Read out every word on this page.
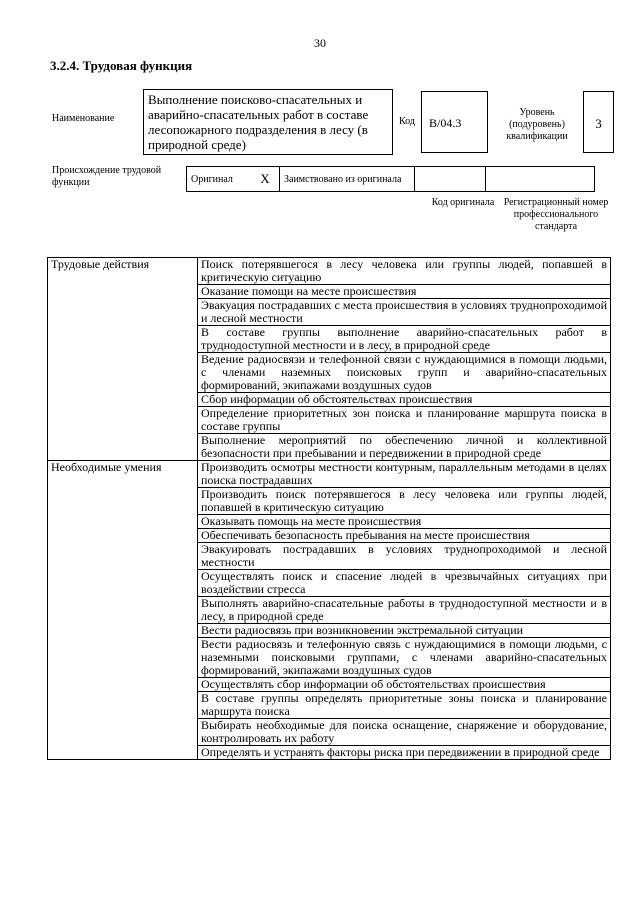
30
3.2.4. Трудовая функция
Наименование
Выполнение поисково-спасательных и аварийно-спасательных работ в составе лесопожарного подразделения в лесу (в природной среде)
Код	B/04.3
Уровень (подуровень) квалификации
3
Происхождение трудовой функции	Оригинал	X	Заимствовано из оригинала		
Код оригинала Регистрационный номер профессионального стандарта
Трудовые действия	Поиск потерявшегося в лесу человека или группы людей, попавшей в критическую ситуацию
	Оказание помощи на месте происшествия
	Эвакуация пострадавших с места происшествия в условиях труднопроходимой и лесной местности
	В составе группы выполнение аварийно-спасательных работ в труднодоступной местности и в лесу, в природной среде
	Ведение радиосвязи и телефонной связи с нуждающимися в помощи людьми, с членами наземных поисковых групп и аварийно-спасательных формирований, экипажами воздушных судов
	Сбор информации об обстоятельствах происшествия
	Определение приоритетных зон поиска и планирование маршрута поиска в составе группы
	Выполнение мероприятий по обеспечению личной и коллективной безопасности при пребывании и передвижении в природной среде
Необходимые умения	Производить осмотры местности контурным, параллельным методами в целях поиска пострадавших
	Производить поиск потерявшегося в лесу человека или группы людей, попавшей в критическую ситуацию
	Оказывать помощь на месте происшествия
	Обеспечивать безопасность пребывания на месте происшествия
	Эвакуировать пострадавших в условиях труднопроходимой и лесной местности
	Осуществлять поиск и спасение людей в чрезвычайных ситуациях при воздействии стресса
	Выполнять аварийно-спасательные работы в труднодоступной местности и в лесу, в природной среде
	Вести радиосвязь при возникновении экстремальной ситуации
	Вести радиосвязь и телефонную связь с нуждающимися в помощи людьми, с наземными поисковыми группами, с членами аварийно-спасательных формирований, экипажами воздушных судов
	Осуществлять сбор информации об обстоятельствах происшествия
	В составе группы определять приоритетные зоны поиска и планирование маршрута поиска
	Выбирать необходимые для поиска оснащение, снаряжение и оборудование, контролировать их работу
	Определять и устранять факторы риска при передвижении в природной среде
